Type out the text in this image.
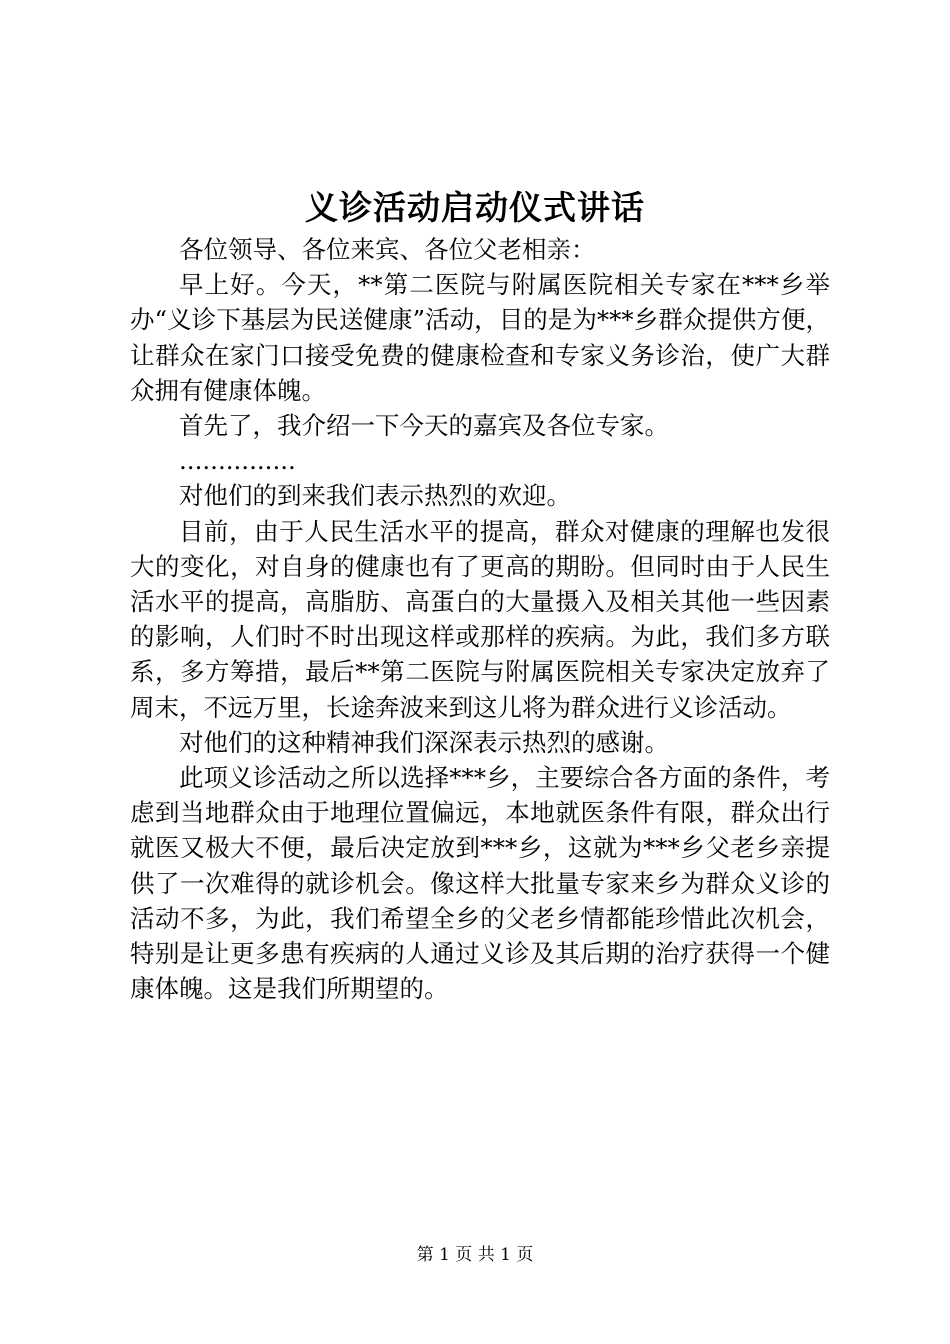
义诊活动启动仪式讲话

各位领导、各位来宾、各位父老相亲：

早上好。今天，**第二医院与附属医院相关专家在***乡举办“义诊下基层为民送健康”活动，目的是为***乡群众提供方便，让群众在家门口接受免费的健康检查和专家义务诊治，使广大群众拥有健康体魄。

首先了，我介绍一下今天的嘉宾及各位专家。

...............

对他们的到来我们表示热烈的欢迎。

目前，由于人民生活水平的提高，群众对健康的理解也发很大的变化，对自身的健康也有了更高的期盼。但同时由于人民生活水平的提高，高脂肪、高蛋白的大量摄入及相关其他一些因素的影响，人们时不时出现这样或那样的疾病。为此，我们多方联系，多方筹措，最后**第二医院与附属医院相关专家决定放弃了周末，不远万里，长途奔波来到这儿将为群众进行义诊活动。

对他们的这种精神我们深深表示热烈的感谢。

此项义诊活动之所以选择***乡，主要综合各方面的条件，考虑到当地群众由于地理位置偏远，本地就医条件有限，群众出行就医又极大不便，最后决定放到***乡，这就为***乡父老乡亲提供了一次难得的就诊机会。像这样大批量专家来乡为群众义诊的活动不多，为此，我们希望全乡的父老乡情都能珍惜此次机会，特别是让更多患有疾病的人通过义诊及其后期的治疗获得一个健康体魄。这是我们所期望的。

第 1 页 共 1 页
